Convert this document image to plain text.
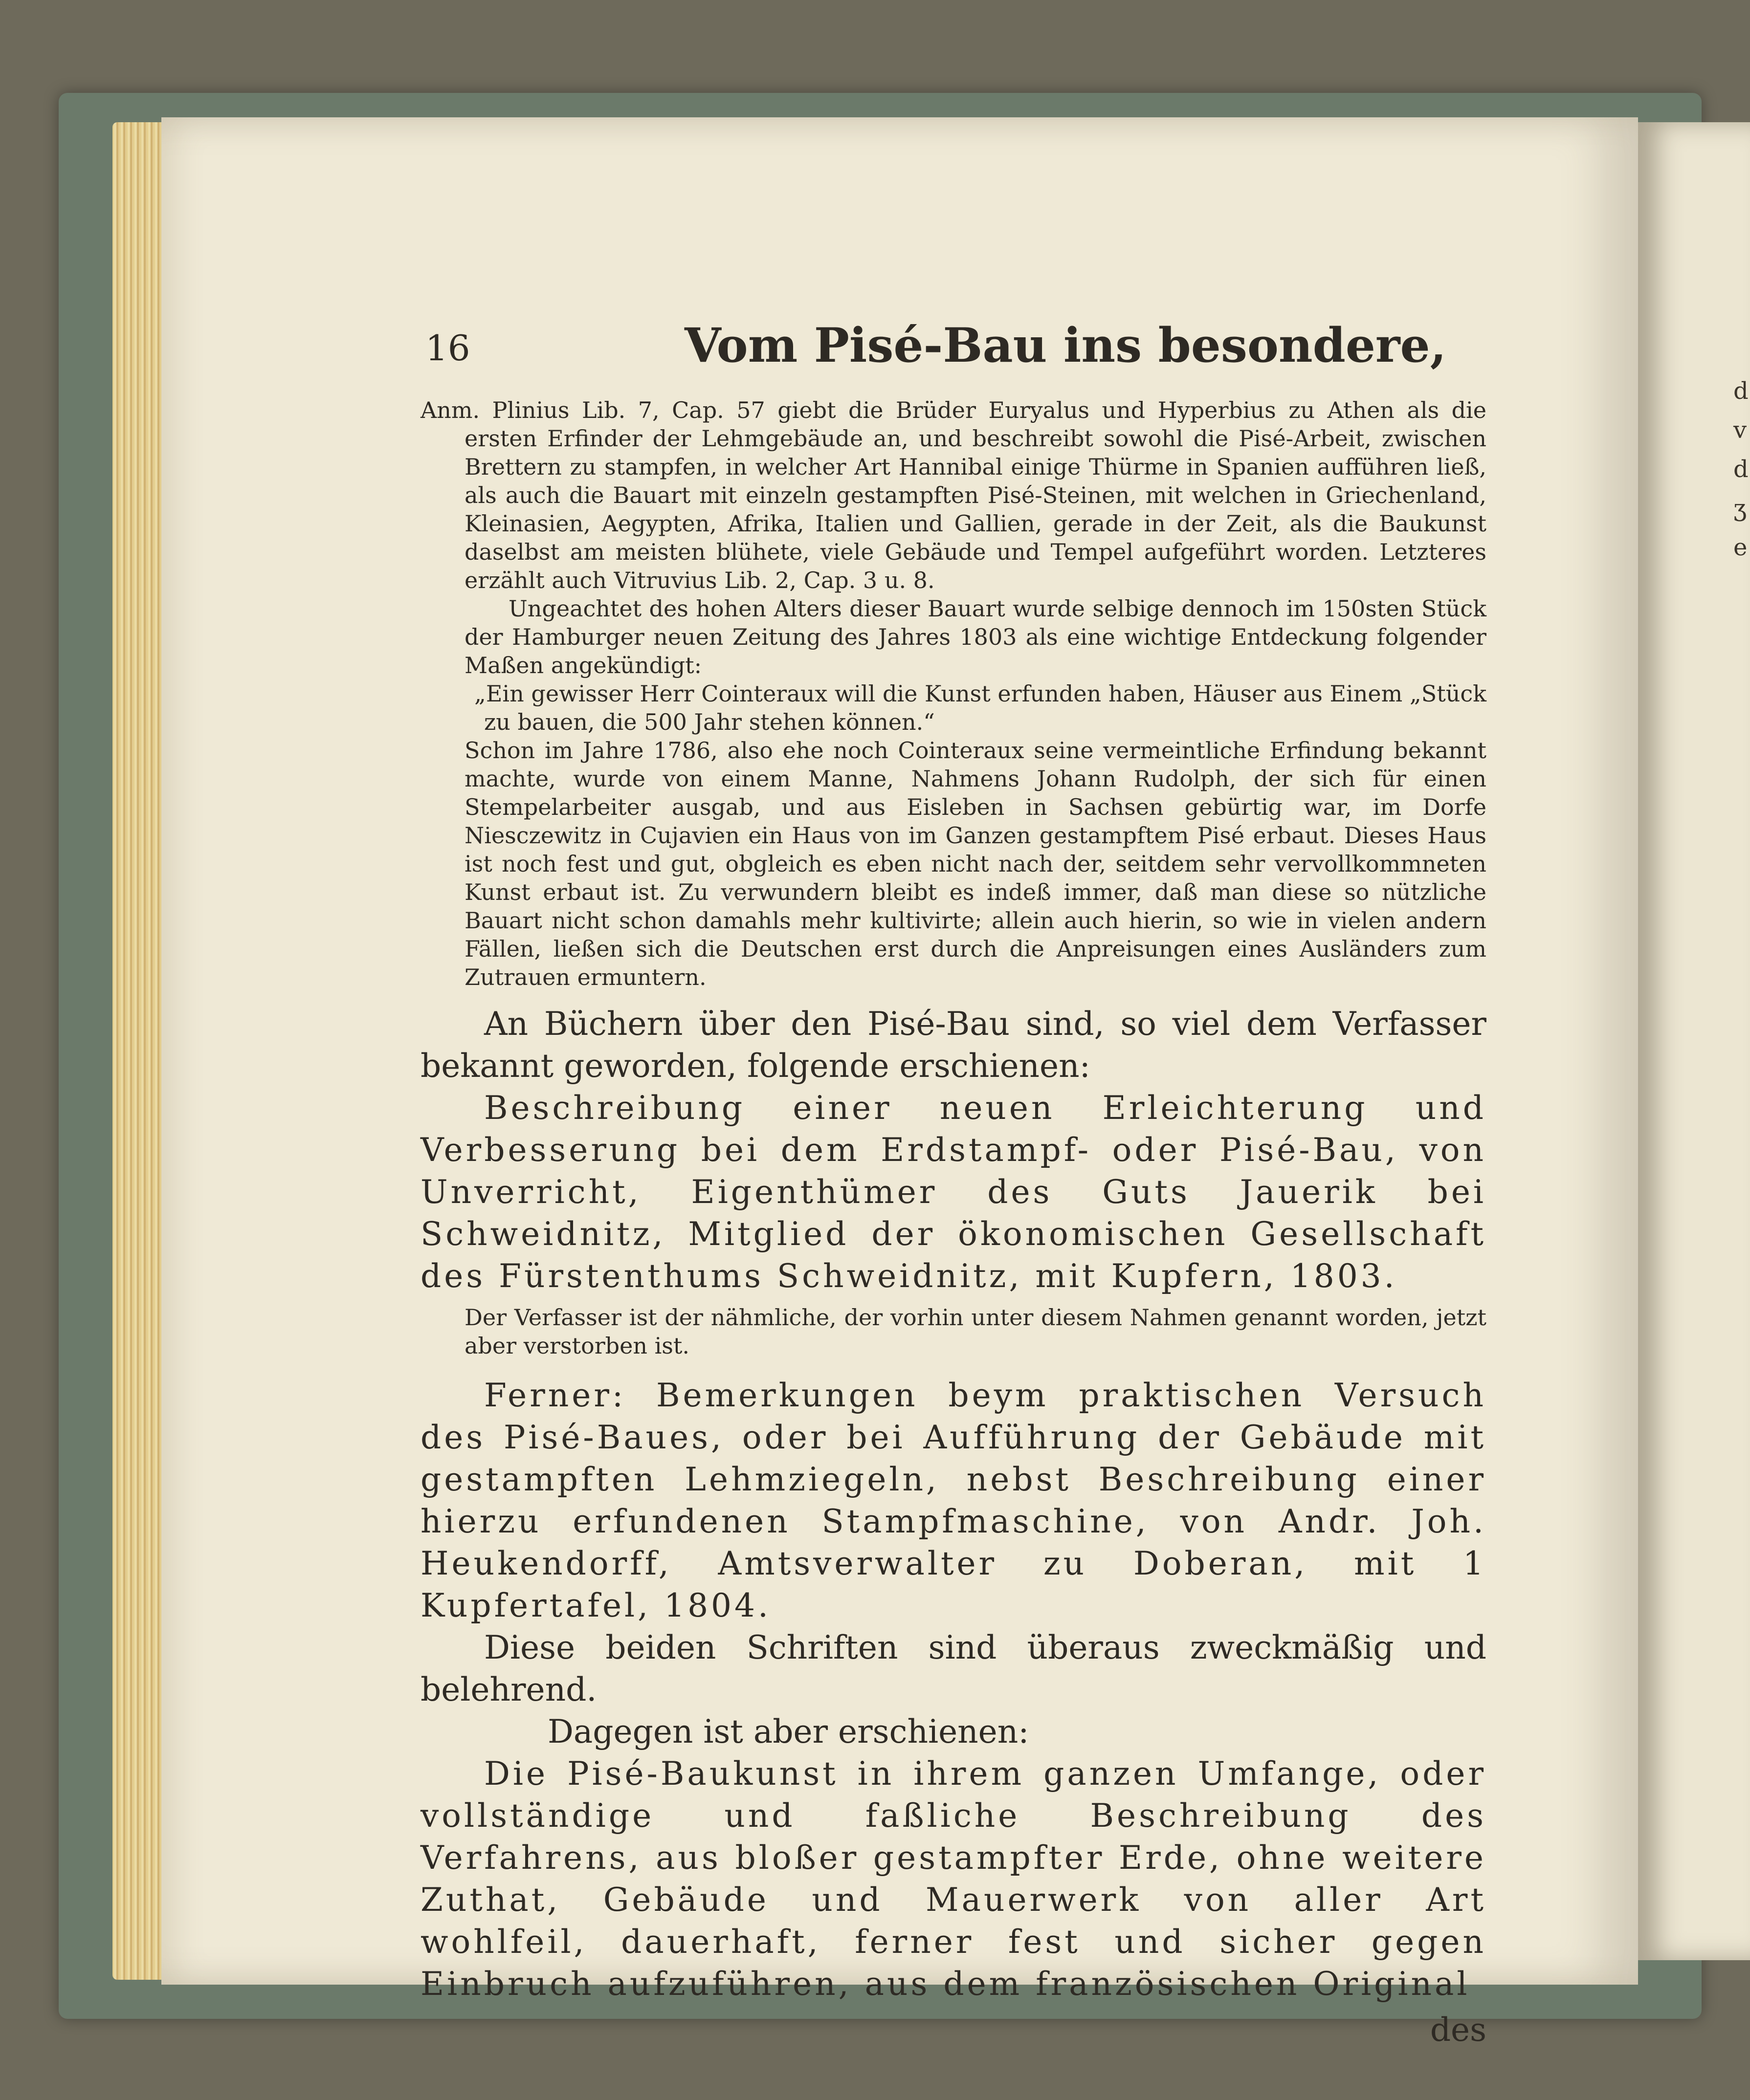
d
v
d
ʒ
e
16	Vom Pisé-Bau ins besondere,

Anm. Plinius Lib. 7, Cap. 57 giebt die Brüder Euryalus und Hyperbius zu Athen als die ersten Erfinder der Lehmgebäude an, und beschreibt sowohl die Pisé-Arbeit, zwischen Brettern zu stampfen, in welcher Art Hannibal einige Thürme in Spanien aufführen ließ, als auch die Bauart mit einzeln gestampften Pisé-Steinen, mit welchen in Griechenland, Kleinasien, Aegypten, Afrika, Italien und Gallien, gerade in der Zeit, als die Baukunst daselbst am meisten blühete, viele Gebäude und Tempel aufgeführt worden. Letzteres erzählt auch Vitruvius Lib. 2, Cap. 3 u. 8.

Ungeachtet des hohen Alters dieser Bauart wurde selbige dennoch im 150sten Stück der Hamburger neuen Zeitung des Jahres 1803 als eine wichtige Entdeckung folgender Maßen angekündigt:

„Ein gewisser Herr Cointeraux will die Kunst erfunden haben, Häuser aus Einem „Stück zu bauen, die 500 Jahr stehen können.“

Schon im Jahre 1786, also ehe noch Cointeraux seine vermeintliche Erfindung bekannt machte, wurde von einem Manne, Nahmens Johann Rudolph, der sich für einen Stempelarbeiter ausgab, und aus Eisleben in Sachsen gebürtig war, im Dorfe Niesczewitz in Cujavien ein Haus von im Ganzen gestampftem Pisé erbaut. Dieses Haus ist noch fest und gut, obgleich es eben nicht nach der, seitdem sehr vervollkommneten Kunst erbaut ist. Zu verwundern bleibt es indeß immer, daß man diese so nützliche Bauart nicht schon damahls mehr kultivirte; allein auch hierin, so wie in vielen andern Fällen, ließen sich die Deutschen erst durch die Anpreisungen eines Ausländers zum Zutrauen ermuntern.

An Büchern über den Pisé-Bau sind, so viel dem Verfasser bekannt geworden, folgende erschienen:

Beschreibung einer neuen Erleichterung und Verbesserung bei dem Erdstampf- oder Pisé-Bau, von Unverricht, Eigenthümer des Guts Jauerik bei Schweidnitz, Mitglied der ökonomischen Gesellschaft des Fürstenthums Schweidnitz, mit Kupfern, 1803.

Der Verfasser ist der nähmliche, der vorhin unter diesem Nahmen genannt worden, jetzt aber verstorben ist.

Ferner: Bemerkungen beym praktischen Versuch des Pisé-Baues, oder bei Aufführung der Gebäude mit gestampften Lehmziegeln, nebst Beschreibung einer hierzu erfundenen Stampfmaschine, von Andr. Joh. Heukendorff, Amtsverwalter zu Doberan, mit 1 Kupfertafel, 1804.

Diese beiden Schriften sind überaus zweckmäßig und belehrend.

Dagegen ist aber erschienen:

Die Pisé-Baukunst in ihrem ganzen Umfange, oder vollständige und faßliche Beschreibung des Verfahrens, aus bloßer gestampfter Erde, ohne weitere Zuthat, Gebäude und Mauerwerk von aller Art wohlfeil, dauerhaft, ferner fest und sicher gegen Einbruch aufzuführen, aus dem französischen Original

des
